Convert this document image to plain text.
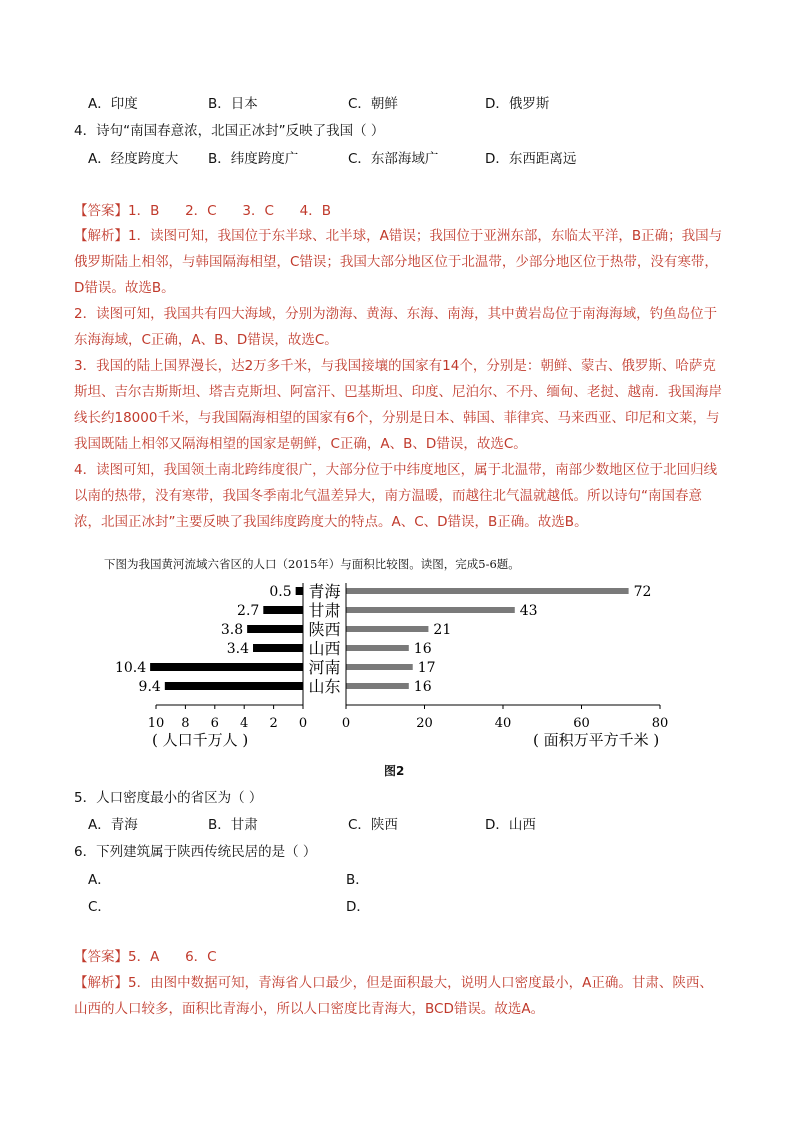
A．印度	B．日本	C．朝鲜	D．俄罗斯
4．诗句“南国春意浓，北国正冰封”反映了我国（ ）
A．经度跨度大	B．纬度跨度广	C．东部海域广	D．东西距离远
【答案】1．B      2．C      3．C      4．B
【解析】1．读图可知，我国位于东半球、北半球，A错误；我国位于亚洲东部，东临太平洋，B正确；我国与俄罗斯陆上相邻，与韩国隔海相望，C错误；我国大部分地区位于北温带，少部分地区位于热带，没有寒带，D错误。故选B。
2．读图可知，我国共有四大海域，分别为渤海、黄海、东海、南海，其中黄岩岛位于南海海域，钓鱼岛位于东海海域，C正确，A、B、D错误，故选C。
3．我国的陆上国界漫长，达2万多千米，与我国接壤的国家有14个，分别是：朝鲜、蒙古、俄罗斯、哈萨克斯坦、吉尔吉斯斯坦、塔吉克斯坦、阿富汗、巴基斯坦、印度、尼泊尔、不丹、缅甸、老挝、越南．我国海岸线长约18000千米，与我国隔海相望的国家有6个，分别是日本、韩国、菲律宾、马来西亚、印尼和文莱，与我国既陆上相邻又隔海相望的国家是朝鲜，C正确，A、B、D错误，故选C。
4．读图可知，我国领土南北跨纬度很广，大部分位于中纬度地区，属于北温带，南部少数地区位于北回归线以南的热带，没有寒带，我国冬季南北气温差异大，南方温暖，而越往北气温就越低。所以诗句“南国春意浓，北国正冰封”主要反映了我国纬度跨度大的特点。A、C、D错误，B正确。故选B。
下图为我国黄河流域六省区的人口（2015年）与面积比较图。读图，完成5-6题。
0.5	72
青海
2.7	43
甘肃
3.8	21
陕西
3.4	16
山西
10.4	17
河南
9.4	16
山东
10 8 6 4 2 0	0	20	40	60	80
( 人口千万人 )	( 面积万平方千米 )
图2
5．人口密度最小的省区为（ ）
A．青海	B．甘肃	C．陕西	D．山西
6．下列建筑属于陕西传统民居的是（ ）
A．	B．
C．	D．
【答案】5．A      6．C
【解析】5．由图中数据可知，青海省人口最少，但是面积最大，说明人口密度最小，A正确。甘肃、陕西、山西的人口较多，面积比青海小，所以人口密度比青海大，BCD错误。故选A。
